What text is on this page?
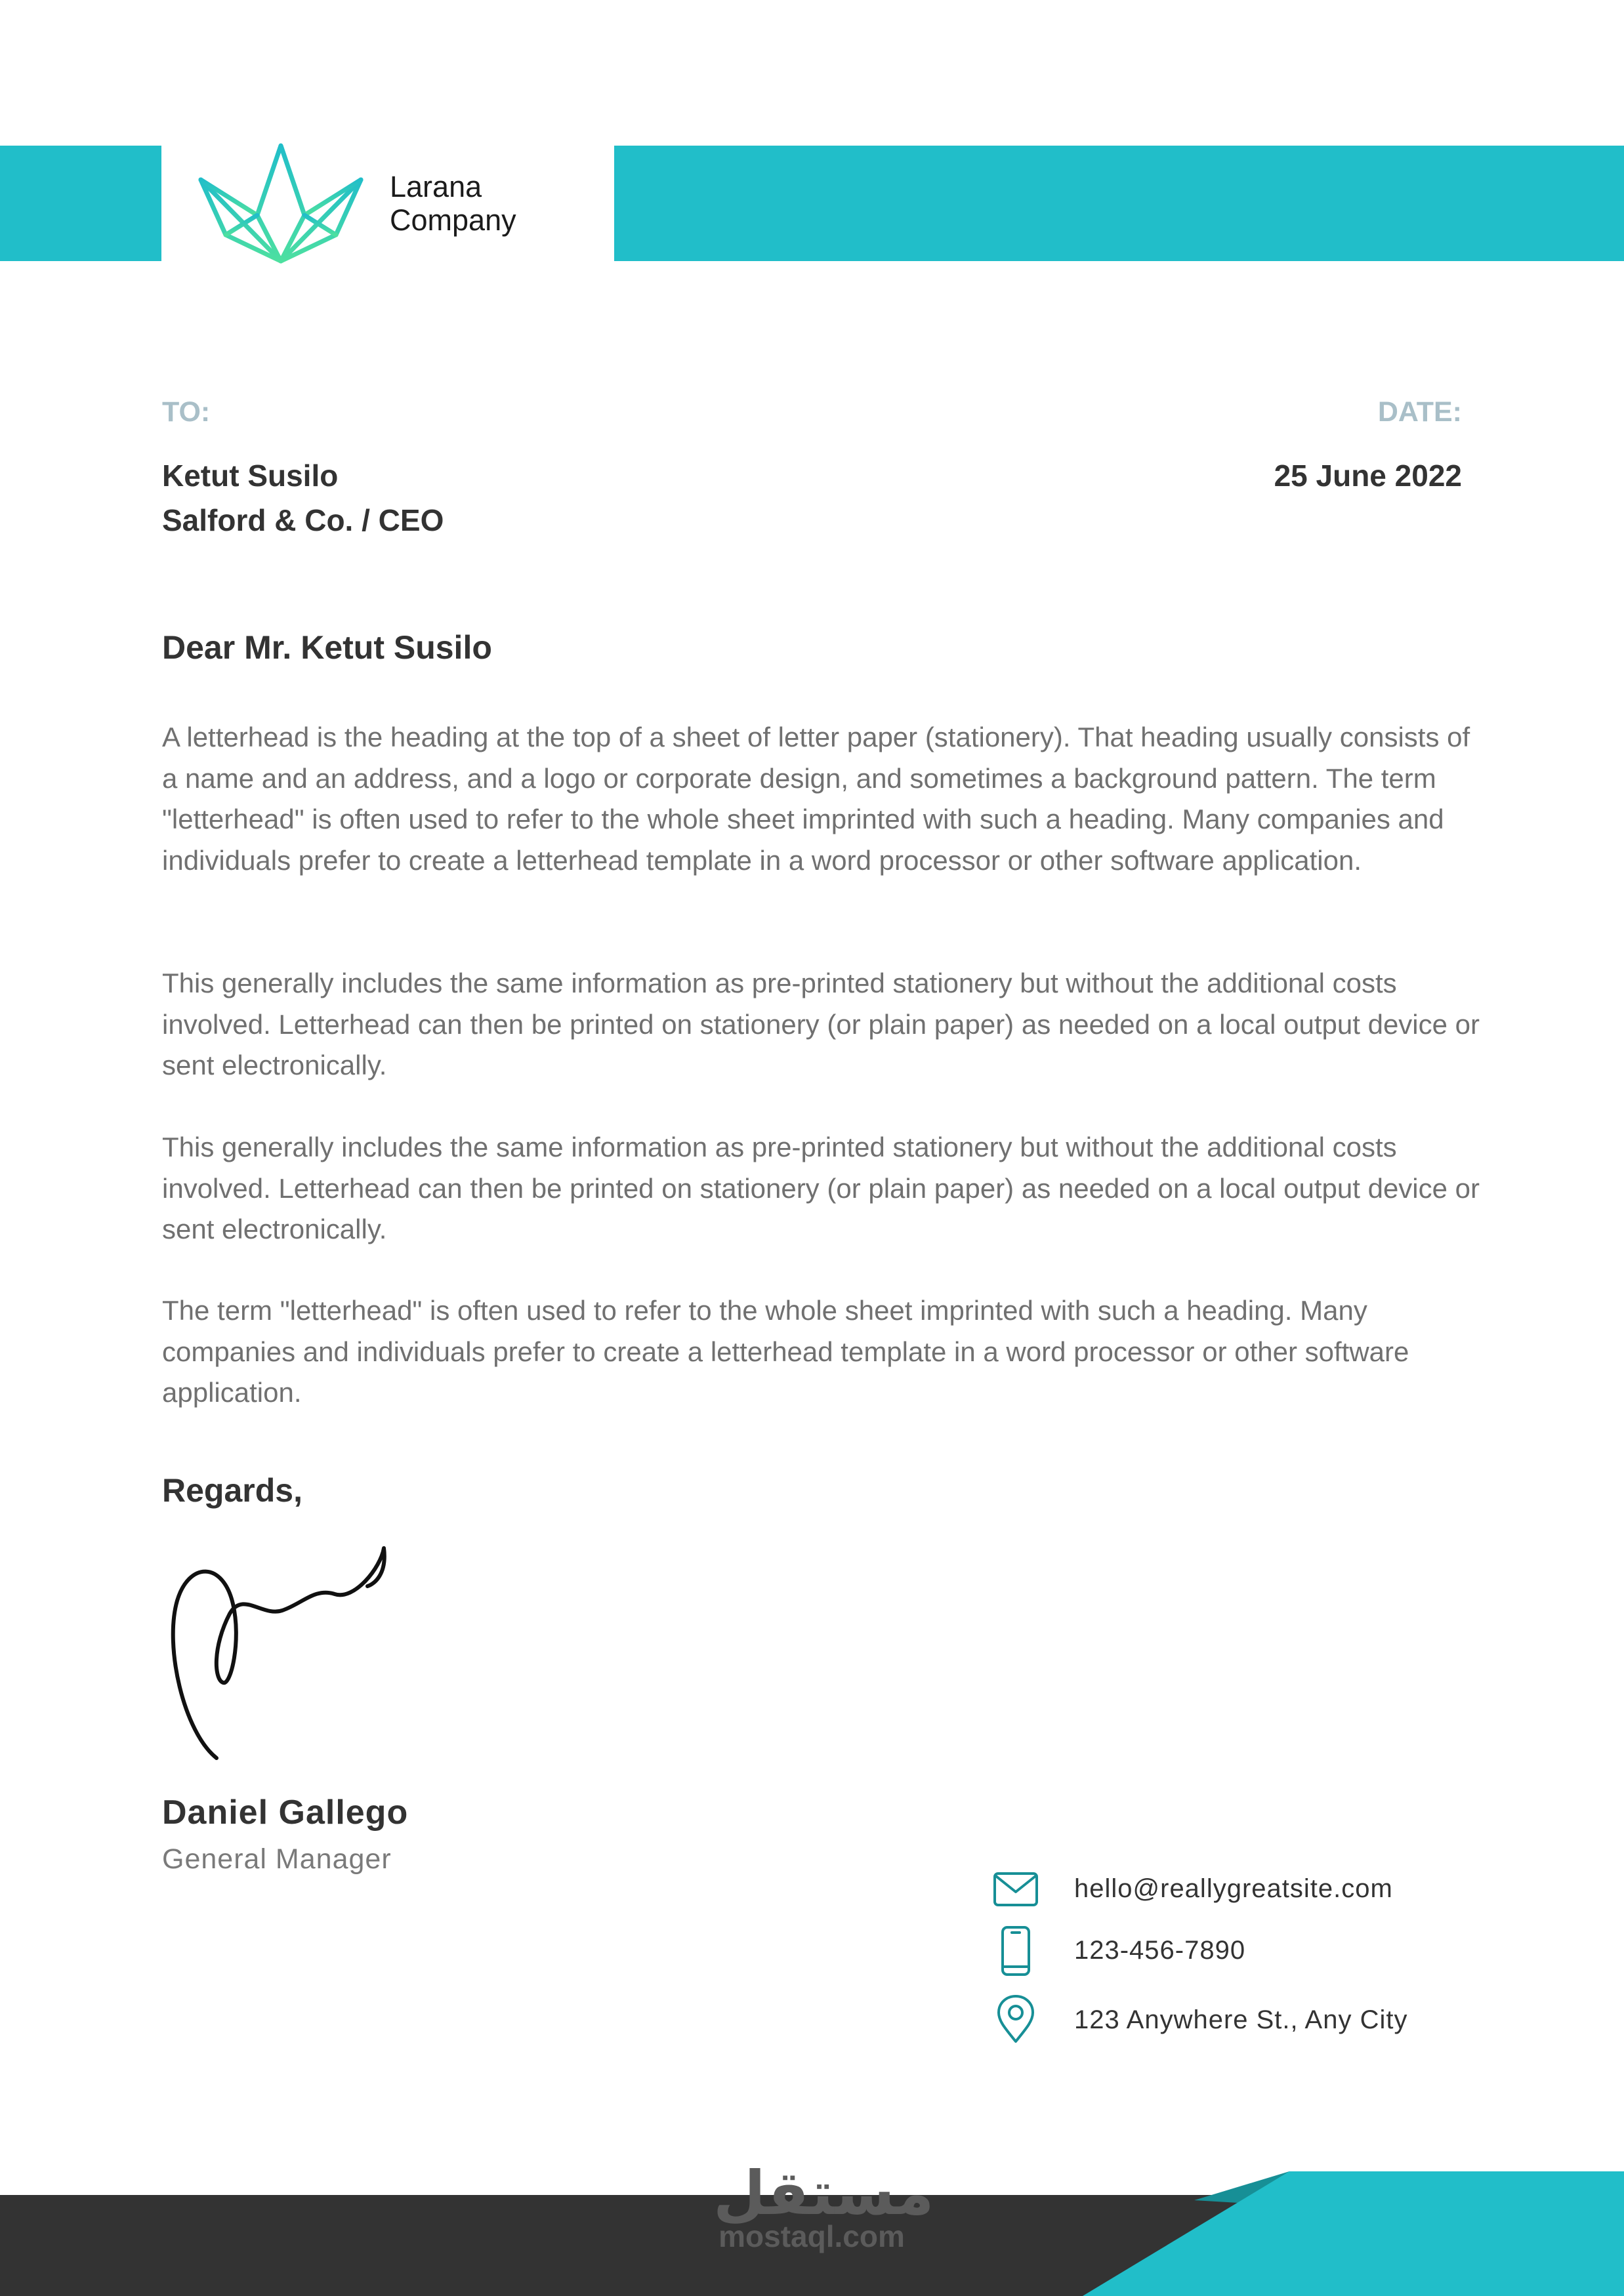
Larana
Company
TO:	DATE:
Ketut Susilo
Salford & Co. / CEO
25 June 2022
Dear Mr. Ketut Susilo

A letterhead is the heading at the top of a sheet of letter paper (stationery). That heading usually consists of a name and an address, and a logo or corporate design, and sometimes a background pattern. The term "letterhead" is often used to refer to the whole sheet imprinted with such a heading. Many companies and individuals prefer to create a letterhead template in a word processor or other software application.

This generally includes the same information as pre-printed stationery but without the additional costs involved. Letterhead can then be printed on stationery (or plain paper) as needed on a local output device or sent electronically.

This generally includes the same information as pre-printed stationery but without the additional costs involved. Letterhead can then be printed on stationery (or plain paper) as needed on a local output device or sent electronically.

The term "letterhead" is often used to refer to the whole sheet imprinted with such a heading. Many companies and individuals prefer to create a letterhead template in a word processor or other software application.

Regards,
Daniel Gallego
General Manager
hello@reallygreatsite.com
123-456-7890
123 Anywhere St., Any City
مستقل
mostaql.com
